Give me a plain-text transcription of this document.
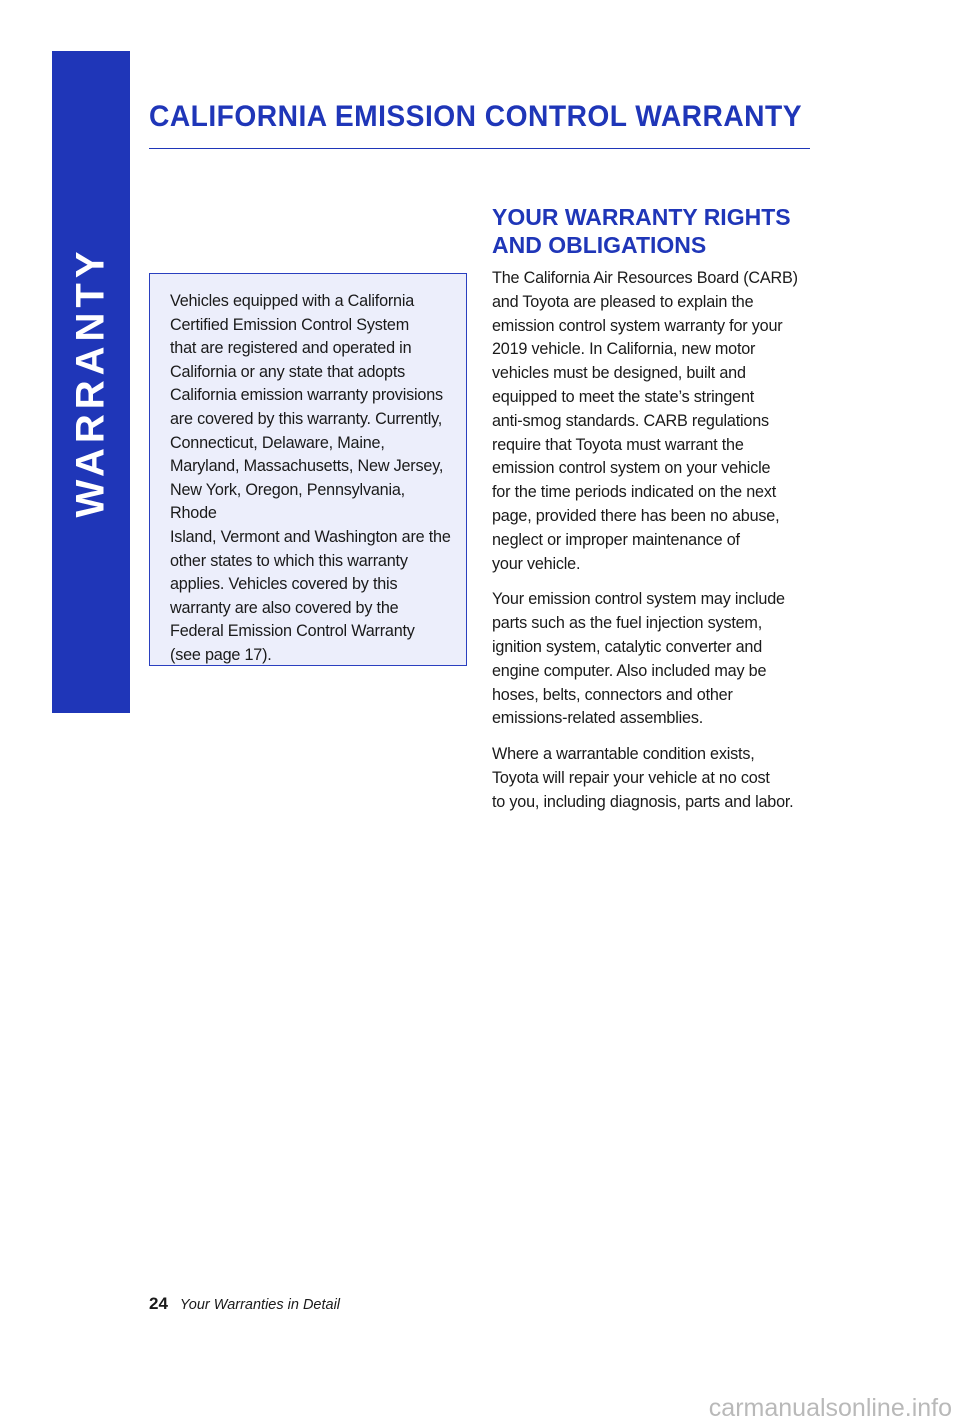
WARRANTY
CALIFORNIA EMISSION CONTROL WARRANTY

Vehicles equipped with a California
Certified Emission Control System
that are registered and operated in
California or any state that adopts
California emission warranty provisions
are covered by this warranty. Currently,
Connecticut, Delaware, Maine,
Maryland, Massachusetts, New Jersey,
New York, Oregon, Pennsylvania, Rhode
Island, Vermont and Washington are the
other states to which this warranty
applies. Vehicles covered by this
warranty are also covered by the
Federal Emission Control Warranty
(see page 17).

YOUR WARRANTY RIGHTS
AND OBLIGATIONS

The California Air Resources Board (CARB)
and Toyota are pleased to explain the
emission control system warranty for your
2019 vehicle. In California, new motor
vehicles must be designed, built and
equipped to meet the state’s stringent
anti-smog standards. CARB regulations
require that Toyota must warrant the
emission control system on your vehicle
for the time periods indicated on the next
page, provided there has been no abuse,
neglect or improper maintenance of
your vehicle.

Your emission control system may include
parts such as the fuel injection system,
ignition system, catalytic converter and
engine computer. Also included may be
hoses, belts, connectors and other
emissions-related assemblies.

Where a warrantable condition exists,
Toyota will repair your vehicle at no cost
to you, including diagnosis, parts and labor.

24 Your Warranties in Detail
carmanualsonline.info
